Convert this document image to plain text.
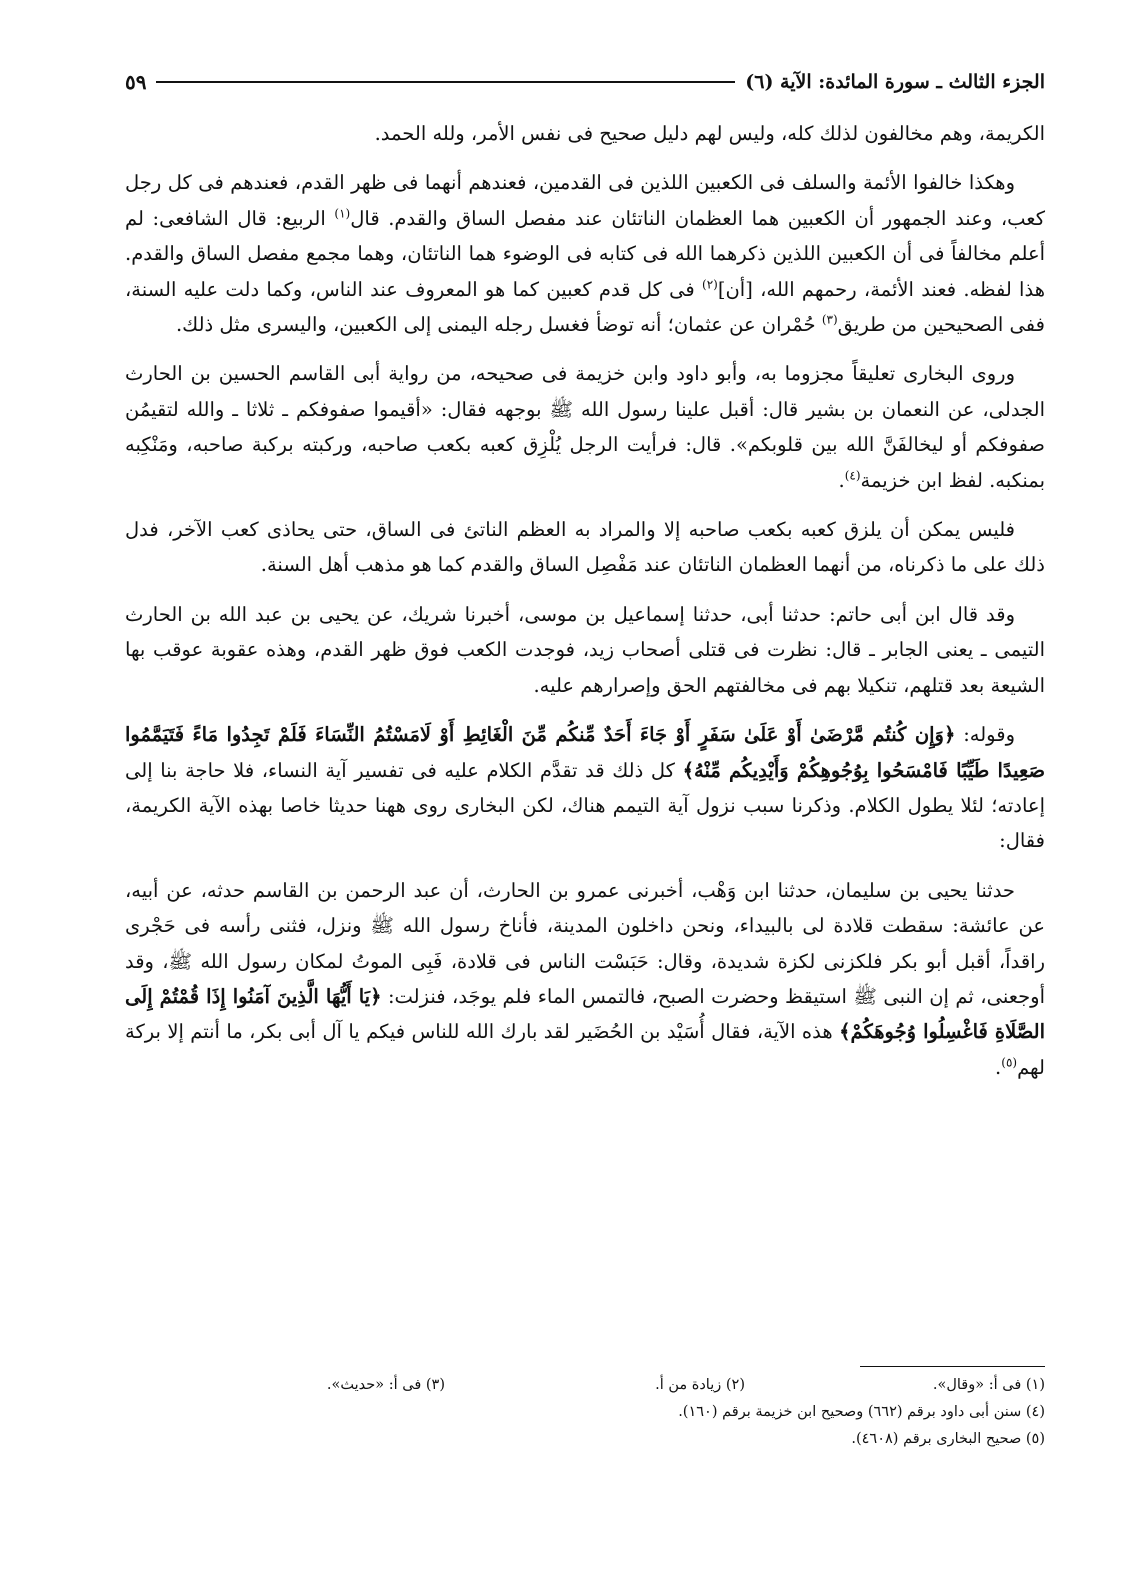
الجزء الثالث ـ سورة المائدة: الآية (٦)
٥٩

الكريمة، وهم مخالفون لذلك كله، وليس لهم دليل صحيح فى نفس الأمر، ولله الحمد.

وهكذا خالفوا الأئمة والسلف فى الكعبين اللذين فى القدمين، فعندهم أنهما فى ظهر القدم، فعندهم فى كل رجل كعب، وعند الجمهور أن الكعبين هما العظمان الناتئان عند مفصل الساق والقدم. قال$^{(١)}$ الربيع: قال الشافعى: لم أعلم مخالفاً فى أن الكعبين اللذين ذكرهما الله فى كتابه فى الوضوء هما الناتئان، وهما مجمع مفصل الساق والقدم. هذا لفظه. فعند الأئمة، رحمهم الله، [أن]$^{(٢)}$ فى كل قدم كعبين كما هو المعروف عند الناس، وكما دلت عليه السنة، ففى الصحيحين من طريق$^{(٣)}$ حُمْران عن عثمان؛ أنه توضأ فغسل رجله اليمنى إلى الكعبين، واليسرى مثل ذلك.

وروى البخارى تعليقاً مجزوما به، وأبو داود وابن خزيمة فى صحيحه، من رواية أبى القاسم الحسين بن الحارث الجدلى، عن النعمان بن بشير قال: أقبل علينا رسول الله ﷺ بوجهه فقال: «أقيموا صفوفكم ـ ثلاثا ـ والله لتقيمُن صفوفكم أو ليخالفَنَّ الله بين قلوبكم». قال: فرأيت الرجل يُلْزِق كعبه بكعب صاحبه، وركبته بركبة صاحبه، ومَنْكِبه بمنكبه. لفظ ابن خزيمة$^{(٤)}$.

فليس يمكن أن يلزق كعبه بكعب صاحبه إلا والمراد به العظم الناتئ فى الساق، حتى يحاذى كعب الآخر، فدل ذلك على ما ذكرناه، من أنهما العظمان الناتئان عند مَفْصِل الساق والقدم كما هو مذهب أهل السنة.

وقد قال ابن أبى حاتم: حدثنا أبى، حدثنا إسماعيل بن موسى، أخبرنا شريك، عن يحيى بن عبد الله بن الحارث التيمى ـ يعنى الجابر ـ قال: نظرت فى قتلى أصحاب زيد، فوجدت الكعب فوق ظهر القدم، وهذه عقوبة عوقب بها الشيعة بعد قتلهم، تنكيلا بهم فى مخالفتهم الحق وإصرارهم عليه.

وقوله: ﴿وَإِن كُنتُم مَّرْضَىٰ أَوْ عَلَىٰ سَفَرٍ أَوْ جَاءَ أَحَدٌ مِّنكُم مِّنَ الْغَائِطِ أَوْ لَامَسْتُمُ النِّسَاءَ فَلَمْ تَجِدُوا مَاءً فَتَيَمَّمُوا صَعِيدًا طَيِّبًا فَامْسَحُوا بِوُجُوهِكُمْ وَأَيْدِيكُم مِّنْهُ﴾ كل ذلك قد تقدَّم الكلام عليه فى تفسير آية النساء، فلا حاجة بنا إلى إعادته؛ لئلا يطول الكلام. وذكرنا سبب نزول آية التيمم هناك، لكن البخارى روى ههنا حديثا خاصا بهذه الآية الكريمة، فقال:

حدثنا يحيى بن سليمان، حدثنا ابن وَهْب، أخبرنى عمرو بن الحارث، أن عبد الرحمن بن القاسم حدثه، عن أبيه، عن عائشة: سقطت قلادة لى بالبيداء، ونحن داخلون المدينة، فأناخ رسول الله ﷺ ونزل، فثنى رأسه فى حَجْرى راقداً، أقبل أبو بكر فلكزنى لكزة شديدة، وقال: حَبَسْت الناس فى قلادة، فَبِى الموتُ لمكان رسول الله ﷺ، وقد أوجعنى، ثم إن النبى ﷺ استيقظ وحضرت الصبح، فالتمس الماء فلم يوجَد، فنزلت: ﴿يَا أَيُّهَا الَّذِينَ آمَنُوا إِذَا قُمْتُمْ إِلَى الصَّلَاةِ فَاغْسِلُوا وُجُوهَكُمْ﴾ هذه الآية، فقال أُسَيْد بن الحُضَير لقد بارك الله للناس فيكم يا آل أبى بكر، ما أنتم إلا بركة لهم$^{(٥)}$.

(١) فى أ: «وقال».
(٢) زيادة من أ.
(٣) فى أ: «حديث».
(٤) سنن أبى داود برقم (٦٦٢) وصحيح ابن خزيمة برقم (١٦٠).
(٥) صحيح البخارى برقم (٤٦٠٨).
